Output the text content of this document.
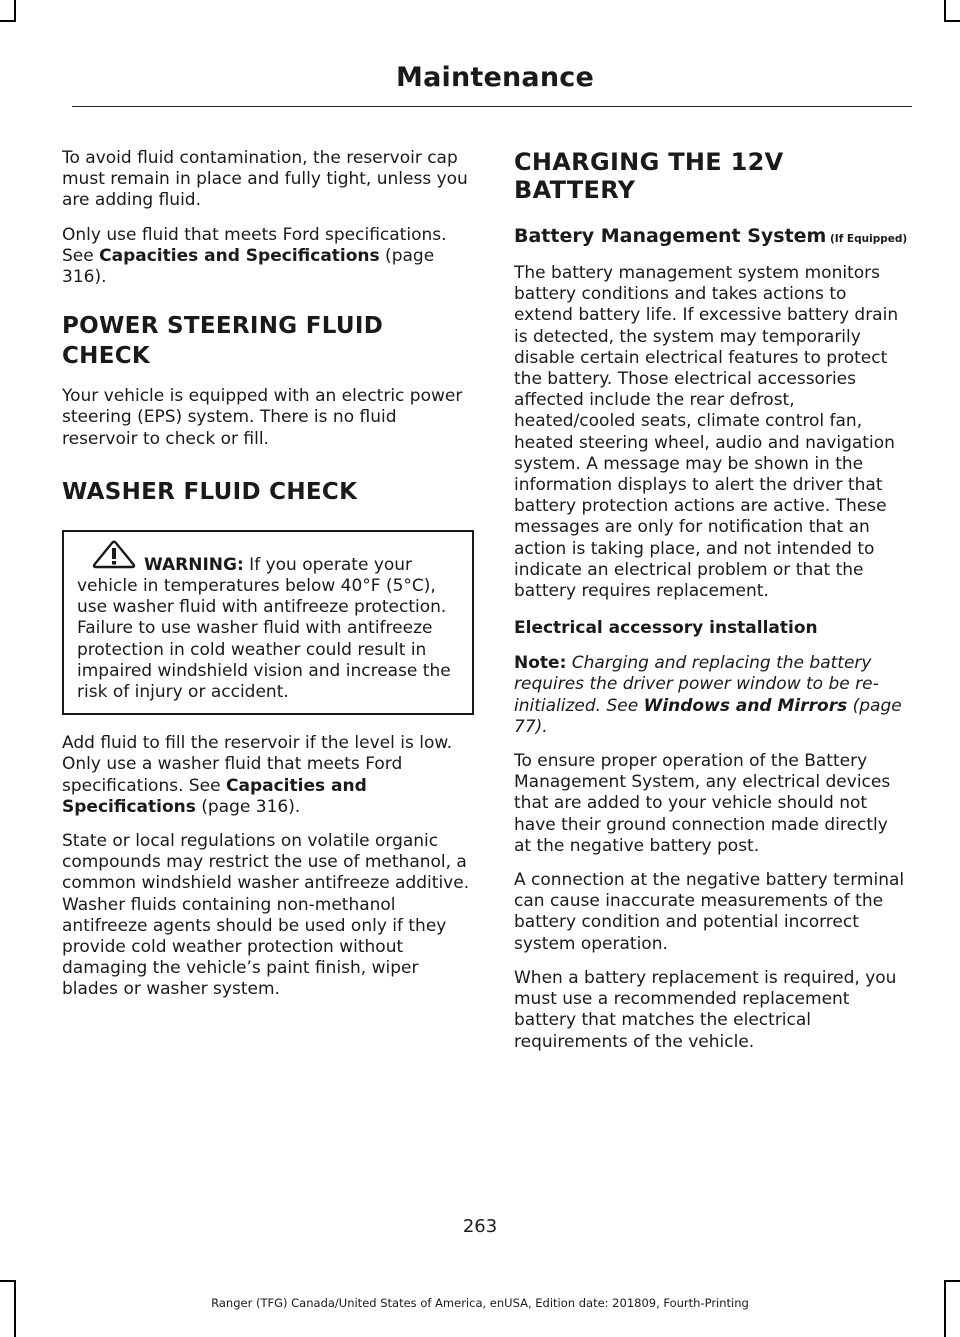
Maintenance

To avoid fluid contamination, the reservoir cap must remain in place and fully tight, unless you are adding fluid.

Only use fluid that meets Ford specifications. See Capacities and Specifications (page 316).

POWER STEERING FLUID
CHECK

Your vehicle is equipped with an electric power steering (EPS) system. There is no fluid reservoir to check or fill.

WASHER FLUID CHECK
WARNING: If you operate your vehicle in temperatures below 40°F (5°C), use washer fluid with antifreeze protection. Failure to use washer fluid with antifreeze protection in cold weather could result in impaired windshield vision and increase the risk of injury or accident.

Add fluid to fill the reservoir if the level is low. Only use a washer fluid that meets Ford specifications. See Capacities and Specifications (page 316).

State or local regulations on volatile organic compounds may restrict the use of methanol, a common windshield washer antifreeze additive. Washer fluids containing non-methanol antifreeze agents should be used only if they provide cold weather protection without damaging the vehicle’s paint finish, wiper blades or washer system.

CHARGING THE 12V BATTERY
Battery Management System (If Equipped)

The battery management system monitors battery conditions and takes actions to extend battery life. If excessive battery drain is detected, the system may temporarily disable certain electrical features to protect the battery. Those electrical accessories affected include the rear defrost, heated/cooled seats, climate control fan, heated steering wheel, audio and navigation system. A message may be shown in the information displays to alert the driver that battery protection actions are active. These messages are only for notification that an action is taking place, and not intended to indicate an electrical problem or that the battery requires replacement.

Electrical accessory installation

Note: Charging and replacing the battery requires the driver power window to be re-initialized. See Windows and Mirrors (page 77).

To ensure proper operation of the Battery Management System, any electrical devices that are added to your vehicle should not have their ground connection made directly at the negative battery post.

A connection at the negative battery terminal can cause inaccurate measurements of the battery condition and potential incorrect system operation.

When a battery replacement is required, you must use a recommended replacement battery that matches the electrical requirements of the vehicle.

263
Ranger (TFG) Canada/United States of America, enUSA, Edition date: 201809, Fourth-Printing
